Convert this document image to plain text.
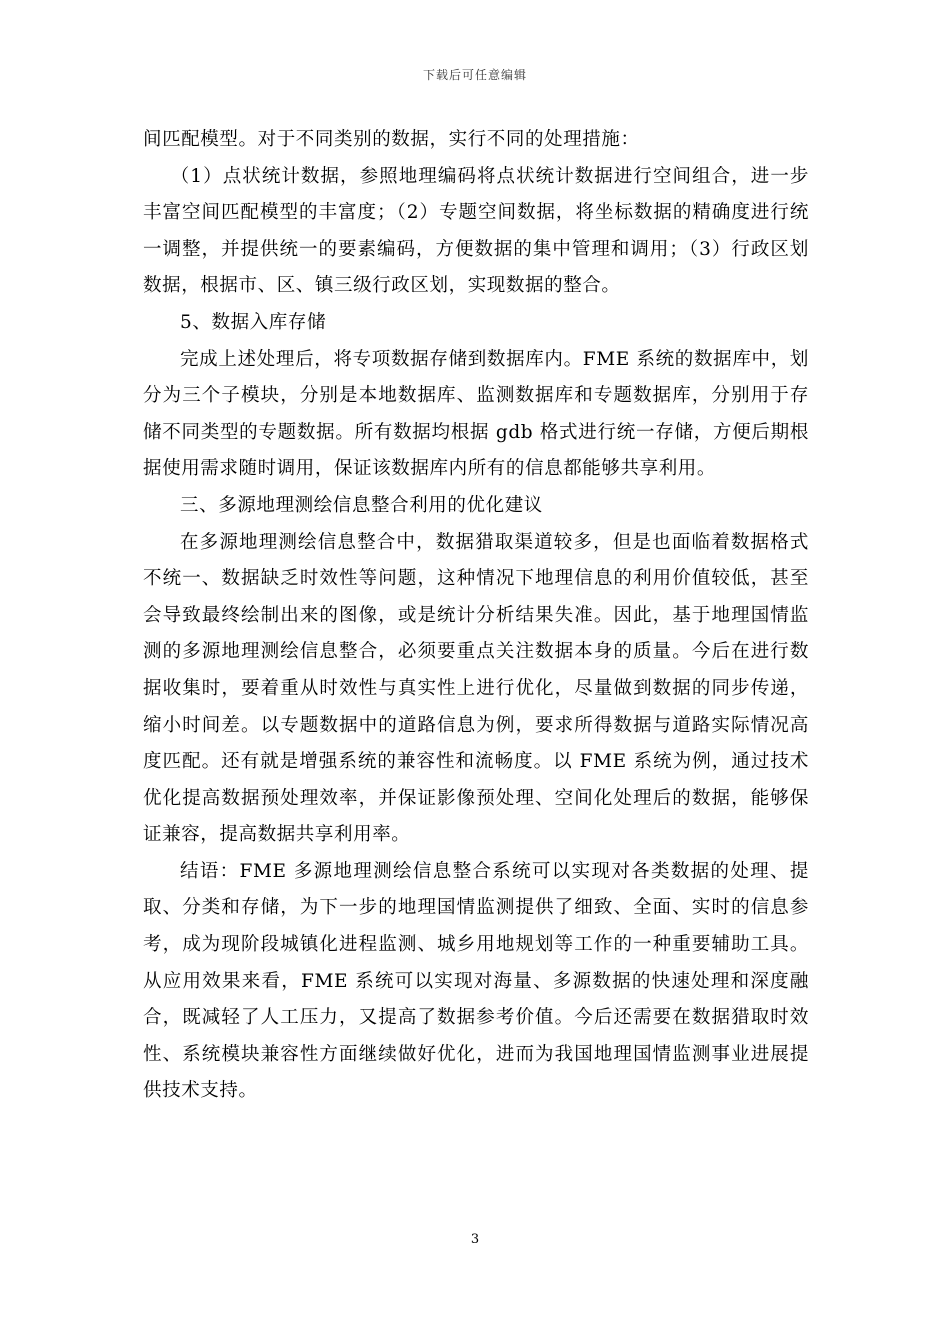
下载后可任意编辑

间匹配模型。对于不同类别的数据，实行不同的处理措施：

（1）点状统计数据，参照地理编码将点状统计数据进行空间组合，进一步丰富空间匹配模型的丰富度；（2）专题空间数据，将坐标数据的精确度进行统一调整，并提供统一的要素编码，方便数据的集中管理和调用；（3）行政区划数据，根据市、区、镇三级行政区划，实现数据的整合。

5、数据入库存储

完成上述处理后，将专项数据存储到数据库内。FME 系统的数据库中，划分为三个子模块，分别是本地数据库、监测数据库和专题数据库，分别用于存储不同类型的专题数据。所有数据均根据 gdb 格式进行统一存储，方便后期根据使用需求随时调用，保证该数据库内所有的信息都能够共享利用。

三、多源地理测绘信息整合利用的优化建议

在多源地理测绘信息整合中，数据猎取渠道较多，但是也面临着数据格式不统一、数据缺乏时效性等问题，这种情况下地理信息的利用价值较低，甚至会导致最终绘制出来的图像，或是统计分析结果失准。因此，基于地理国情监测的多源地理测绘信息整合，必须要重点关注数据本身的质量。今后在进行数据收集时，要着重从时效性与真实性上进行优化，尽量做到数据的同步传递，缩小时间差。以专题数据中的道路信息为例，要求所得数据与道路实际情况高度匹配。还有就是增强系统的兼容性和流畅度。以 FME 系统为例，通过技术优化提高数据预处理效率，并保证影像预处理、空间化处理后的数据，能够保证兼容，提高数据共享利用率。

结语：FME 多源地理测绘信息整合系统可以实现对各类数据的处理、提取、分类和存储，为下一步的地理国情监测提供了细致、全面、实时的信息参考，成为现阶段城镇化进程监测、城乡用地规划等工作的一种重要辅助工具。从应用效果来看，FME 系统可以实现对海量、多源数据的快速处理和深度融合，既减轻了人工压力，又提高了数据参考价值。今后还需要在数据猎取时效性、系统模块兼容性方面继续做好优化，进而为我国地理国情监测事业进展提供技术支持。

3
